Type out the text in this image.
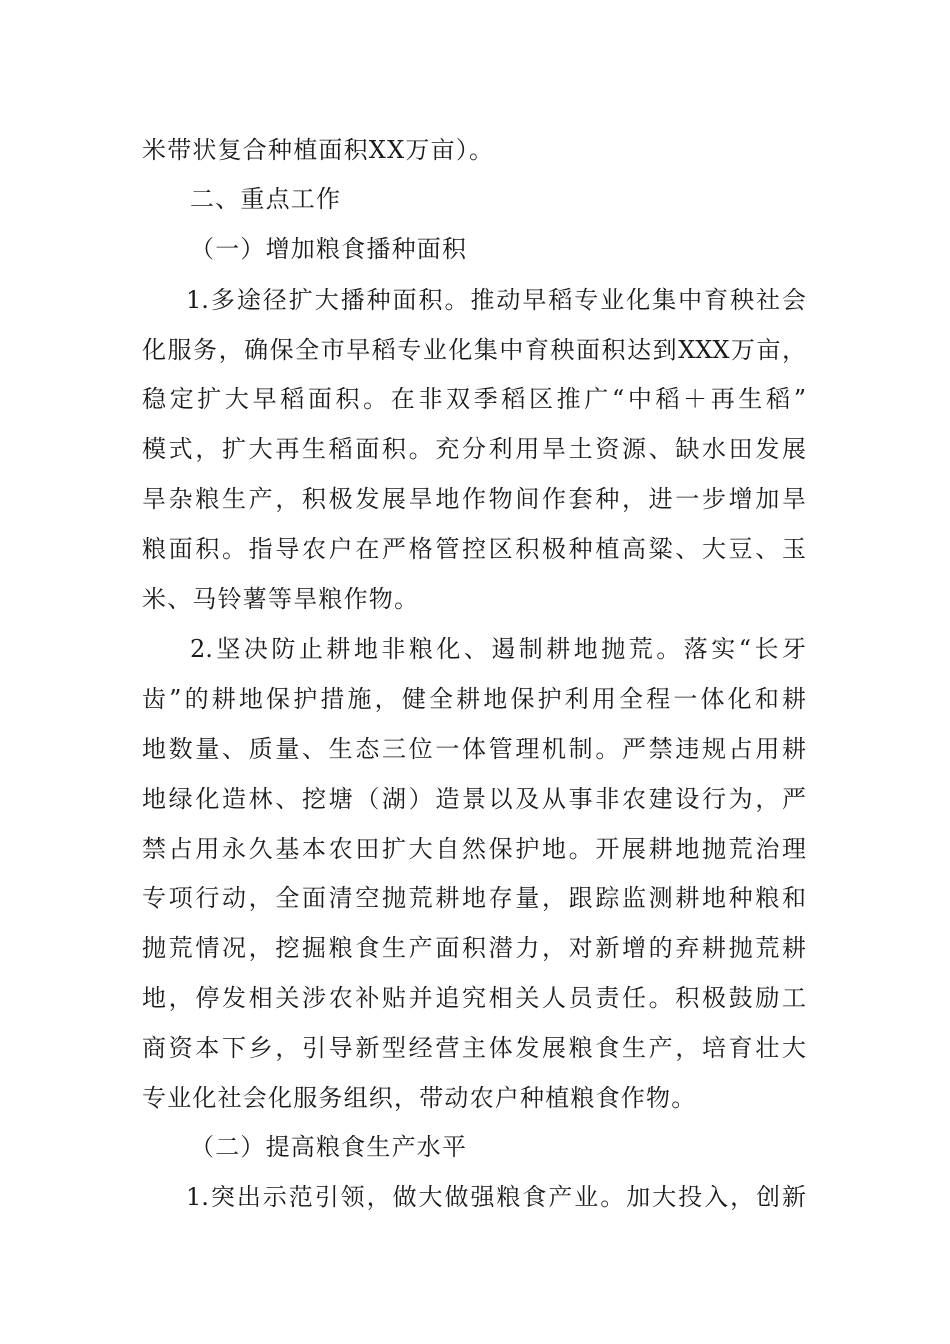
米带状复合种植面积XX万亩）。
二、重点工作
（一）增加粮食播种面积
1.多途径扩大播种面积。推动早稻专业化集中育秧社会
化服务，确保全市早稻专业化集中育秧面积达到XXX万亩，
稳定扩大早稻面积。在非双季稻区推广“中稻＋再生稻”
模式，扩大再生稻面积。充分利用旱土资源、缺水田发展
旱杂粮生产，积极发展旱地作物间作套种，进一步增加旱
粮面积。指导农户在严格管控区积极种植高粱、大豆、玉
米、马铃薯等旱粮作物。
2.坚决防止耕地非粮化、遏制耕地抛荒。落实“长牙
齿”的耕地保护措施，健全耕地保护利用全程一体化和耕
地数量、质量、生态三位一体管理机制。严禁违规占用耕
地绿化造林、挖塘（湖）造景以及从事非农建设行为，严
禁占用永久基本农田扩大自然保护地。开展耕地抛荒治理
专项行动，全面清空抛荒耕地存量，跟踪监测耕地种粮和
抛荒情况，挖掘粮食生产面积潜力，对新增的弃耕抛荒耕
地，停发相关涉农补贴并追究相关人员责任。积极鼓励工
商资本下乡，引导新型经营主体发展粮食生产，培育壮大
专业化社会化服务组织，带动农户种植粮食作物。
（二）提高粮食生产水平
1.突出示范引领，做大做强粮食产业。加大投入，创新
